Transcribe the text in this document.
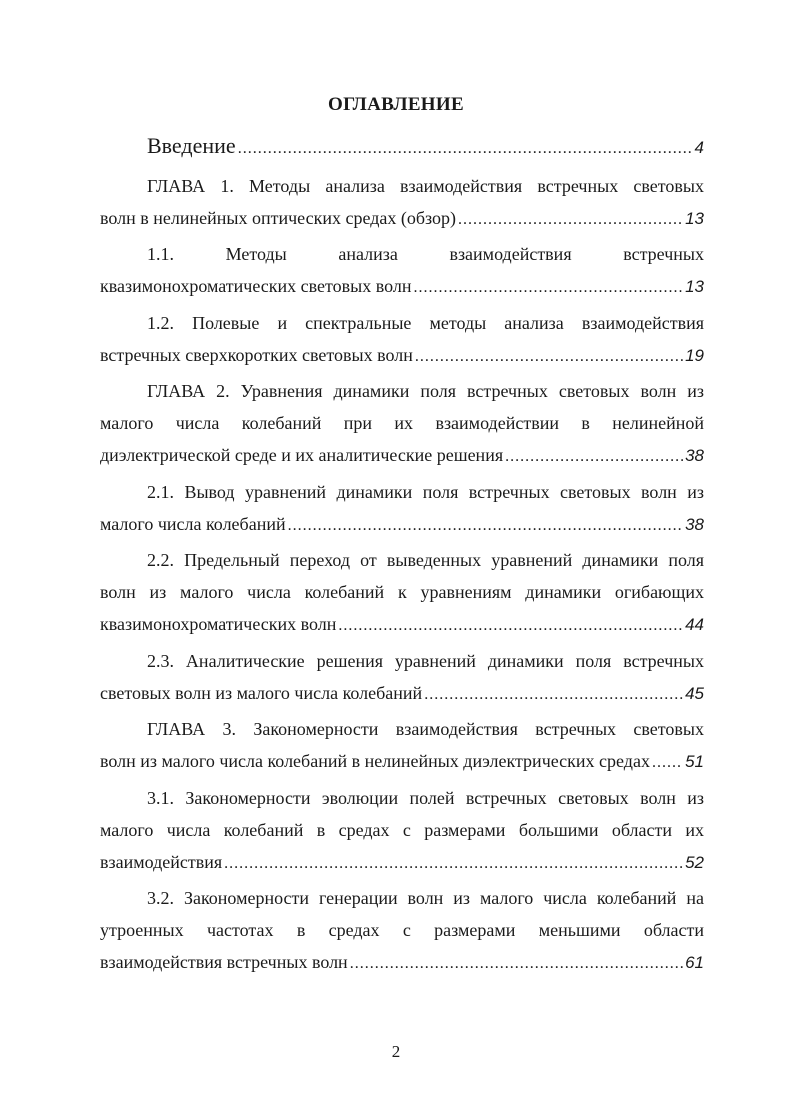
ОГЛАВЛЕНИЕ
Введение .....	4
ГЛАВА 1. Методы анализа взаимодействия встречных световых
волн в нелинейных оптических средах (обзор) .....	13
1.1. Методы анализа взаимодействия встречных
квазимонохроматических световых волн .....	13
1.2. Полевые и спектральные методы анализа взаимодействия
встречных сверхкоротких световых волн .....	19
ГЛАВА 2. Уравнения динамики поля встречных световых волн из
малого числа колебаний при их взаимодействии в нелинейной
диэлектрической среде и их аналитические решения .....	38
2.1. Вывод уравнений динамики поля встречных световых волн из
малого числа колебаний .....	38
2.2. Предельный переход от выведенных уравнений динамики поля
волн из малого числа колебаний к уравнениям динамики огибающих
квазимонохроматических волн .....	44
2.3. Аналитические решения уравнений динамики поля встречных
световых волн из малого числа колебаний .....	45
ГЛАВА 3. Закономерности взаимодействия встречных световых
волн из малого числа колебаний в нелинейных диэлектрических средах ..... 51
3.1. Закономерности эволюции полей встречных световых волн из
малого числа колебаний в средах с размерами большими области их
взаимодействия .....	52
3.2. Закономерности генерации волн из малого числа колебаний на
утроенных частотах в средах с размерами меньшими области
взаимодействия встречных волн .....	61
2
